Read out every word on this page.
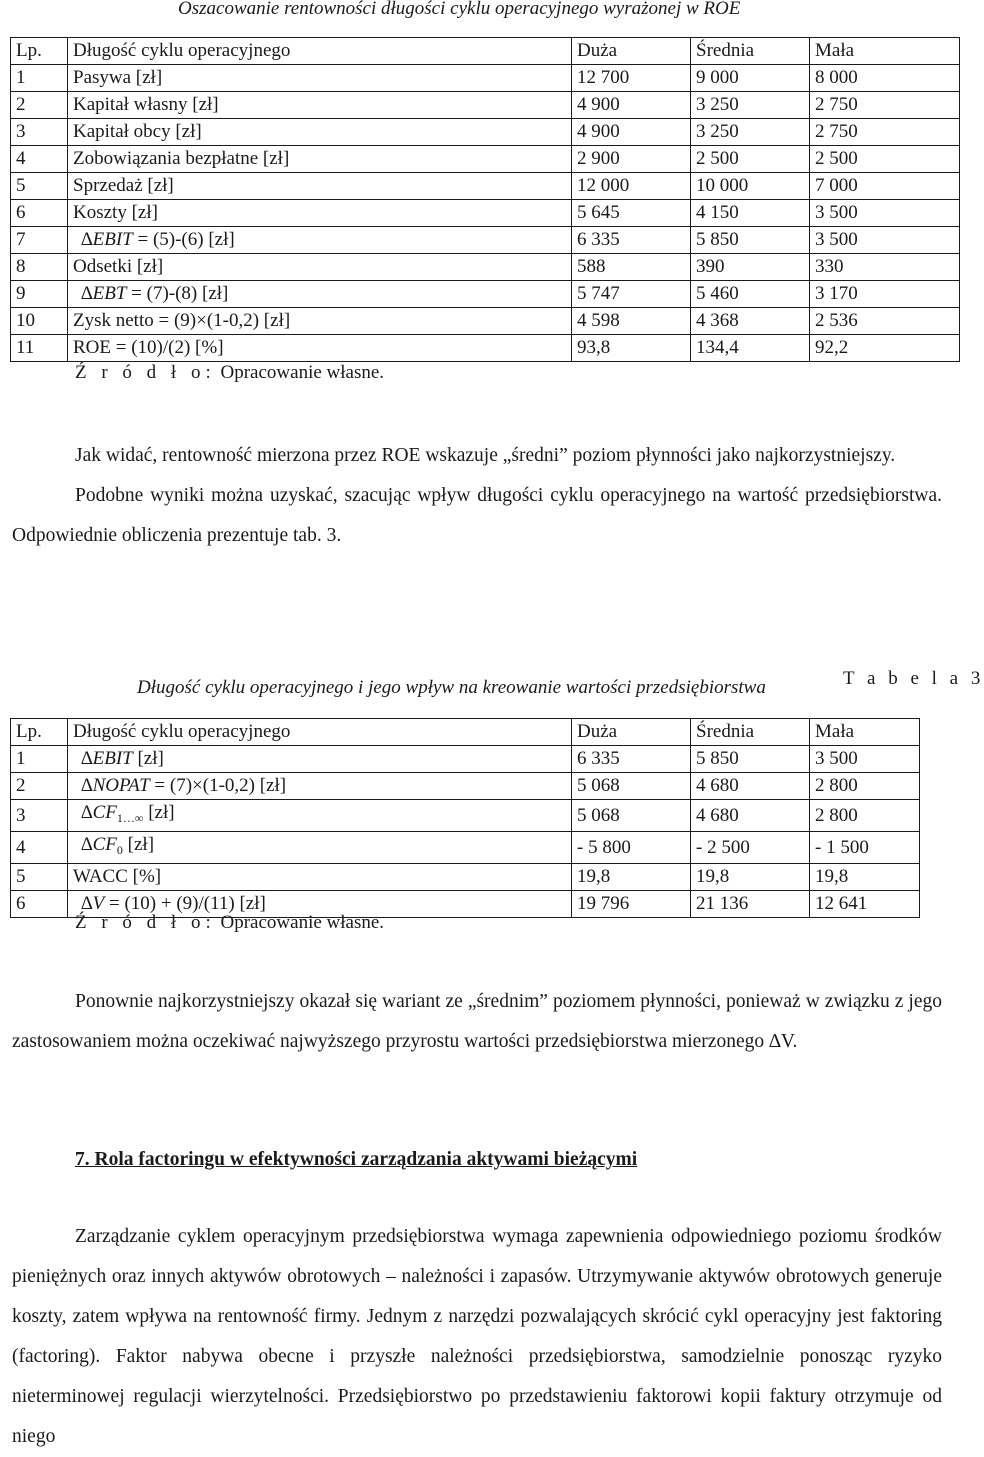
Oszacowanie rentowności długości cyklu operacyjnego wyrażonej w ROE
Lp.	Długość cyklu operacyjnego	Duża	Średnia	Mała
1	Pasywa [zł]	12 700	9 000	8 000
2	Kapitał własny [zł]	4 900	3 250	2 750
3	Kapitał obcy [zł]	4 900	3 250	2 750
4	Zobowiązania bezpłatne [zł]	2 900	2 500	2 500
5	Sprzedaż [zł]	12 000	10 000	7 000
6	Koszty [zł]	5 645	4 150	3 500
7	∆EBIT = (5)-(6) [zł]	6 335	5 850	3 500
8	Odsetki [zł]	588	390	330
9	∆EBT = (7)-(8) [zł]	5 747	5 460	3 170
10	Zysk netto = (9)×(1-0,2) [zł]	4 598	4 368	2 536
11	ROE = (10)/(2) [%]	93,8	134,4	92,2
Ź r ó d ł o: Opracowanie własne.

Jak widać, rentowność mierzona przez ROE wskazuje „średni” poziom płynności jako najkorzystniejszy.

Podobne wyniki można uzyskać, szacując wpływ długości cyklu operacyjnego na wartość przedsiębiorstwa. Odpowiednie obliczenia prezentuje tab. 3.

T a b e l a 3
Długość cyklu operacyjnego i jego wpływ na kreowanie wartości przedsiębiorstwa
Lp.	Długość cyklu operacyjnego	Duża	Średnia	Mała
1	∆EBIT [zł]	6 335	5 850	3 500
2	∆NOPAT = (7)×(1-0,2) [zł]	5 068	4 680	2 800
3	$\Delta CF_{1\dots\infty}$ [zł]	5 068	4 680	2 800
4	$\Delta CF_0$ [zł]	- 5 800	- 2 500	- 1 500
5	WACC [%]	19,8	19,8	19,8
6	∆V = (10) + (9)/(11) [zł]	19 796	21 136	12 641
Ź r ó d ł o: Opracowanie własne.

Ponownie najkorzystniejszy okazał się wariant ze „średnim” poziomem płynności, ponieważ w związku z jego zastosowaniem można oczekiwać najwyższego przyrostu wartości przedsiębiorstwa mierzonego ∆V.

7. Rola factoringu w efektywności zarządzania aktywami bieżącymi

Zarządzanie cyklem operacyjnym przedsiębiorstwa wymaga zapewnienia odpowiedniego poziomu środków pieniężnych oraz innych aktywów obrotowych – należności i zapasów. Utrzymywanie aktywów obrotowych generuje koszty, zatem wpływa na rentowność firmy. Jednym z narzędzi pozwalających skrócić cykl operacyjny jest faktoring (factoring). Faktor nabywa obecne i przyszłe należności przedsiębiorstwa, samodzielnie ponosząc ryzyko nieterminowej regulacji wierzytelności. Przedsiębiorstwo po przedstawieniu faktorowi kopii faktury otrzymuje od niego
